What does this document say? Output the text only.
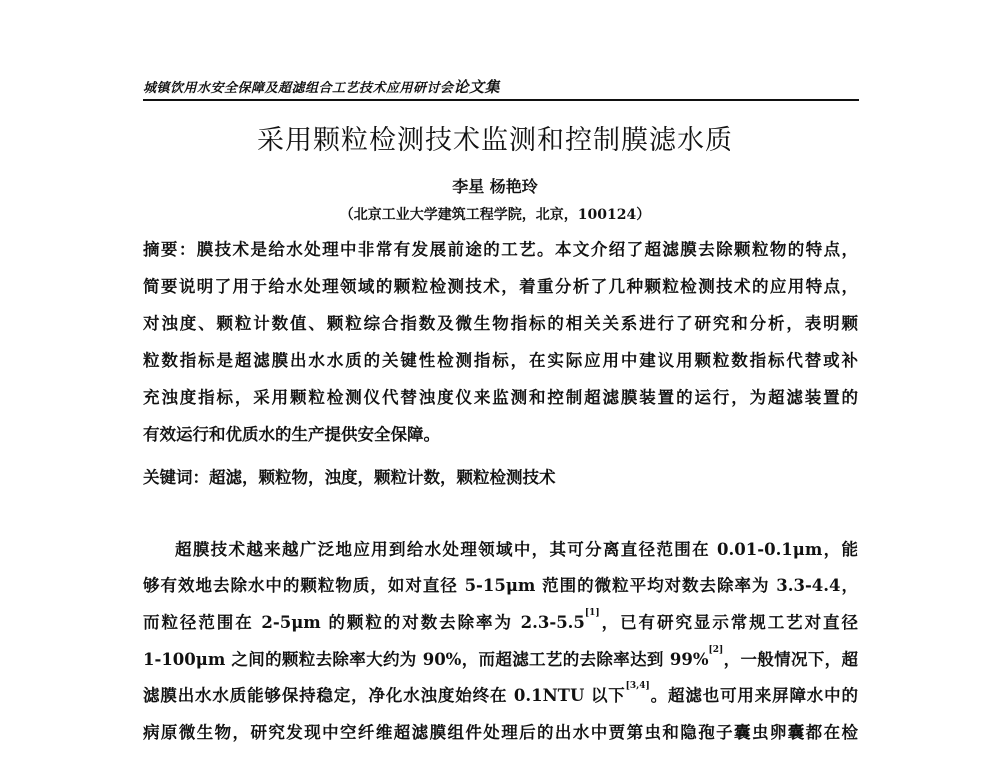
城镇饮用水安全保障及超滤组合工艺技术应用研讨会论文集
采用颗粒检测技术监测和控制膜滤水质
李星 杨艳玲
（北京工业大学建筑工程学院，北京，100124）
摘要：膜技术是给水处理中非常有发展前途的工艺。本文介绍了超滤膜去除颗粒物的特点，
简要说明了用于给水处理领域的颗粒检测技术，着重分析了几种颗粒检测技术的应用特点，
对浊度、颗粒计数值、颗粒综合指数及微生物指标的相关关系进行了研究和分析，表明颗
粒数指标是超滤膜出水水质的关键性检测指标，在实际应用中建议用颗粒数指标代替或补
充浊度指标，采用颗粒检测仪代替浊度仪来监测和控制超滤膜装置的运行，为超滤装置的
有效运行和优质水的生产提供安全保障。
关键词：超滤，颗粒物，浊度，颗粒计数，颗粒检测技术
超膜技术越来越广泛地应用到给水处理领域中，其可分离直径范围在 0.01-0.1μm，能
够有效地去除水中的颗粒物质，如对直径 5-15μm 范围的微粒平均对数去除率为 3.3-4.4，
而粒径范围在 2-5μm 的颗粒的对数去除率为 2.3-5.5[1]，已有研究显示常规工艺对直径
1-100μm 之间的颗粒去除率大约为 90%，而超滤工艺的去除率达到 99%[2]，一般情况下，超
滤膜出水水质能够保持稳定，净化水浊度始终在 0.1NTU 以下[3,4]。超滤也可用来屏障水中的
病原微生物，研究发现中空纤维超滤膜组件处理后的出水中贾第虫和隐孢子囊虫卵囊都在检
